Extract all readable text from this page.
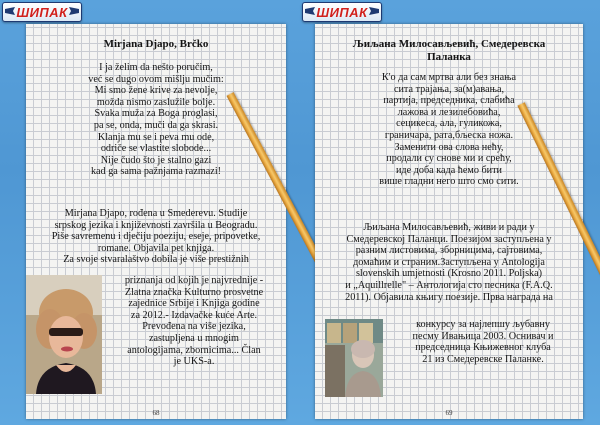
ШИПАК	ШИПАК
Mirjana Djapo, Brčko
I ja želim da nešto poručim,
već se dugo ovom mišlju mučim:
Mi smo žene krive za nevolje,
možda nismo zaslužile bolje.
Svaka muža za Boga proglasi,
pa se, onda, muči da ga skrasi.
Klanja mu se i peva mu ode,
odriče se vlastite slobode...
Nije čudo što je stalno gazi
kad ga sama pažnjama razmazi!
Mirjana Djapo, rođena u Smederevu. Studije
srpskog jezika i književnosti završila u Beogradu.
Piše savremenu i dječiju poeziju, eseje, pripovetke,
romane. Objavila pet knjiga.
Za svoje stvaralaštvo dobila je više prestižnih
priznanja od kojih je najvrednije -
Zlatna značka Kulturno prosvetne
zajednice Srbije i Knjiga godine
za 2012.- Izdavačke kuće Arte.
Prevođena na više jezika,
zastupljena u mnogim
antologijama, zbornicima... Član
je UKS-a.
68
Љиљана Милосављевић, Смедеревска
Паланка
К'о да сам мртва али без знања
сита трајања, за(м)авања,
партија, председника, слабића
лажова и лезилебовића,
сецикеса, ала, гуликожа,
граничара, рата,бљеска ножа.
Заменити ова слова нећу,
продали су снове ми и срећу,
иде доба када ћемо бити
више гладни него што смо сити.
Љиљана Милосављевић, живи и ради у
Смедеревској Паланци. Поезијом заступљена у
разним листовима, зборницима, сајтовима,
домаћим и страним.Заступљена у Antologija
slovenskih umjetnosti (Krosno 2011. Poljska)
и „Aquillrelle" – Антологија сто песника (F.A.Q.
2011). Објавила књигу поезије. Прва награда на
конкурсу за најлепшу љубавну
песму Ивањица 2003. Оснивач и
председница Књижевног клуба
21 из Смедеревске Паланке.
69
